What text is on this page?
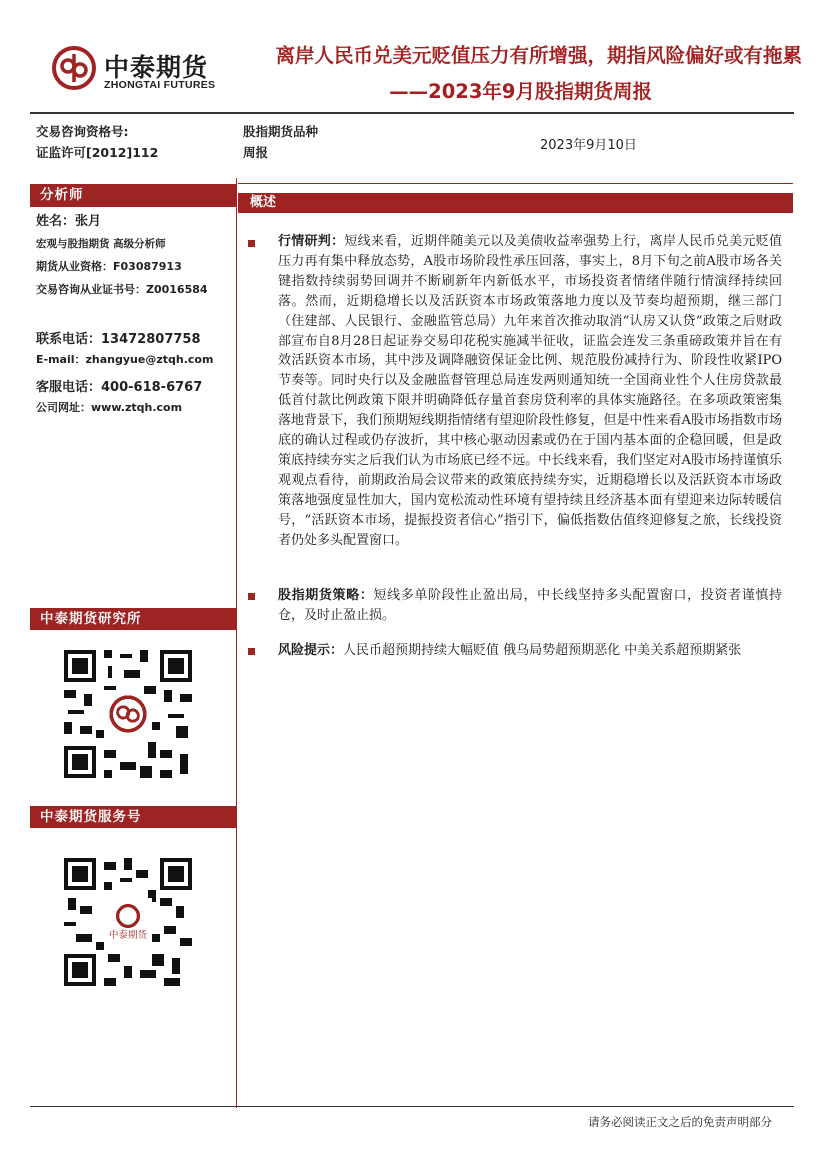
中泰期货
ZHONGTAI FUTURES
离岸人民币兑美元贬值压力有所增强，期指风险偏好或有拖累
——2023年9月股指期货周报
交易咨询资格号:
证监许可[2012]112
股指期货品种
周报	2023年9月10日
分析师
姓名：张月
宏观与股指期货 高级分析师
期货从业资格：F03087913
交易咨询从业证书号：Z0016584
联系电话：13472807758
E-mail：zhangyue@ztqh.com
客服电话：400-618-6767
公司网址：www.ztqh.com
中泰期货研究所
中泰期货服务号
中泰期货
概述
行情研判：短线来看，近期伴随美元以及美债收益率强势上行，离岸人民币兑美元贬值压力再有集中释放态势，A股市场阶段性承压回落，事实上，8月下旬之前A股市场各关键指数持续弱势回调并不断刷新年内新低水平，市场投资者情绪伴随行情演绎持续回落。然而，近期稳增长以及活跃资本市场政策落地力度以及节奏均超预期，继三部门（住建部、人民银行、金融监管总局）九年来首次推动取消“认房又认贷”政策之后财政部宣布自8月28日起证券交易印花税实施减半征收，证监会连发三条重磅政策并旨在有效活跃资本市场，其中涉及调降融资保证金比例、规范股份减持行为、阶段性收紧IPO节奏等。同时央行以及金融监督管理总局连发两则通知统一全国商业性个人住房贷款最低首付款比例政策下限并明确降低存量首套房贷利率的具体实施路径。在多项政策密集落地背景下，我们预期短线期指情绪有望迎阶段性修复，但是中性来看A股市场指数市场底的确认过程或仍存波折，其中核心驱动因素或仍在于国内基本面的企稳回暖，但是政策底持续夯实之后我们认为市场底已经不远。中长线来看，我们坚定对A股市场持谨慎乐观观点看待，前期政治局会议带来的政策底持续夯实，近期稳增长以及活跃资本市场政策落地强度显性加大，国内宽松流动性环境有望持续且经济基本面有望迎来边际转暖信号，“活跃资本市场，提振投资者信心”指引下，偏低指数估值终迎修复之旅，长线投资者仍处多头配置窗口。
股指期货策略：短线多单阶段性止盈出局，中长线坚持多头配置窗口，投资者谨慎持仓，及时止盈止损。
风险提示：人民币超预期持续大幅贬值 俄乌局势超预期恶化 中美关系超预期紧张
请务必阅读正文之后的免责声明部分
